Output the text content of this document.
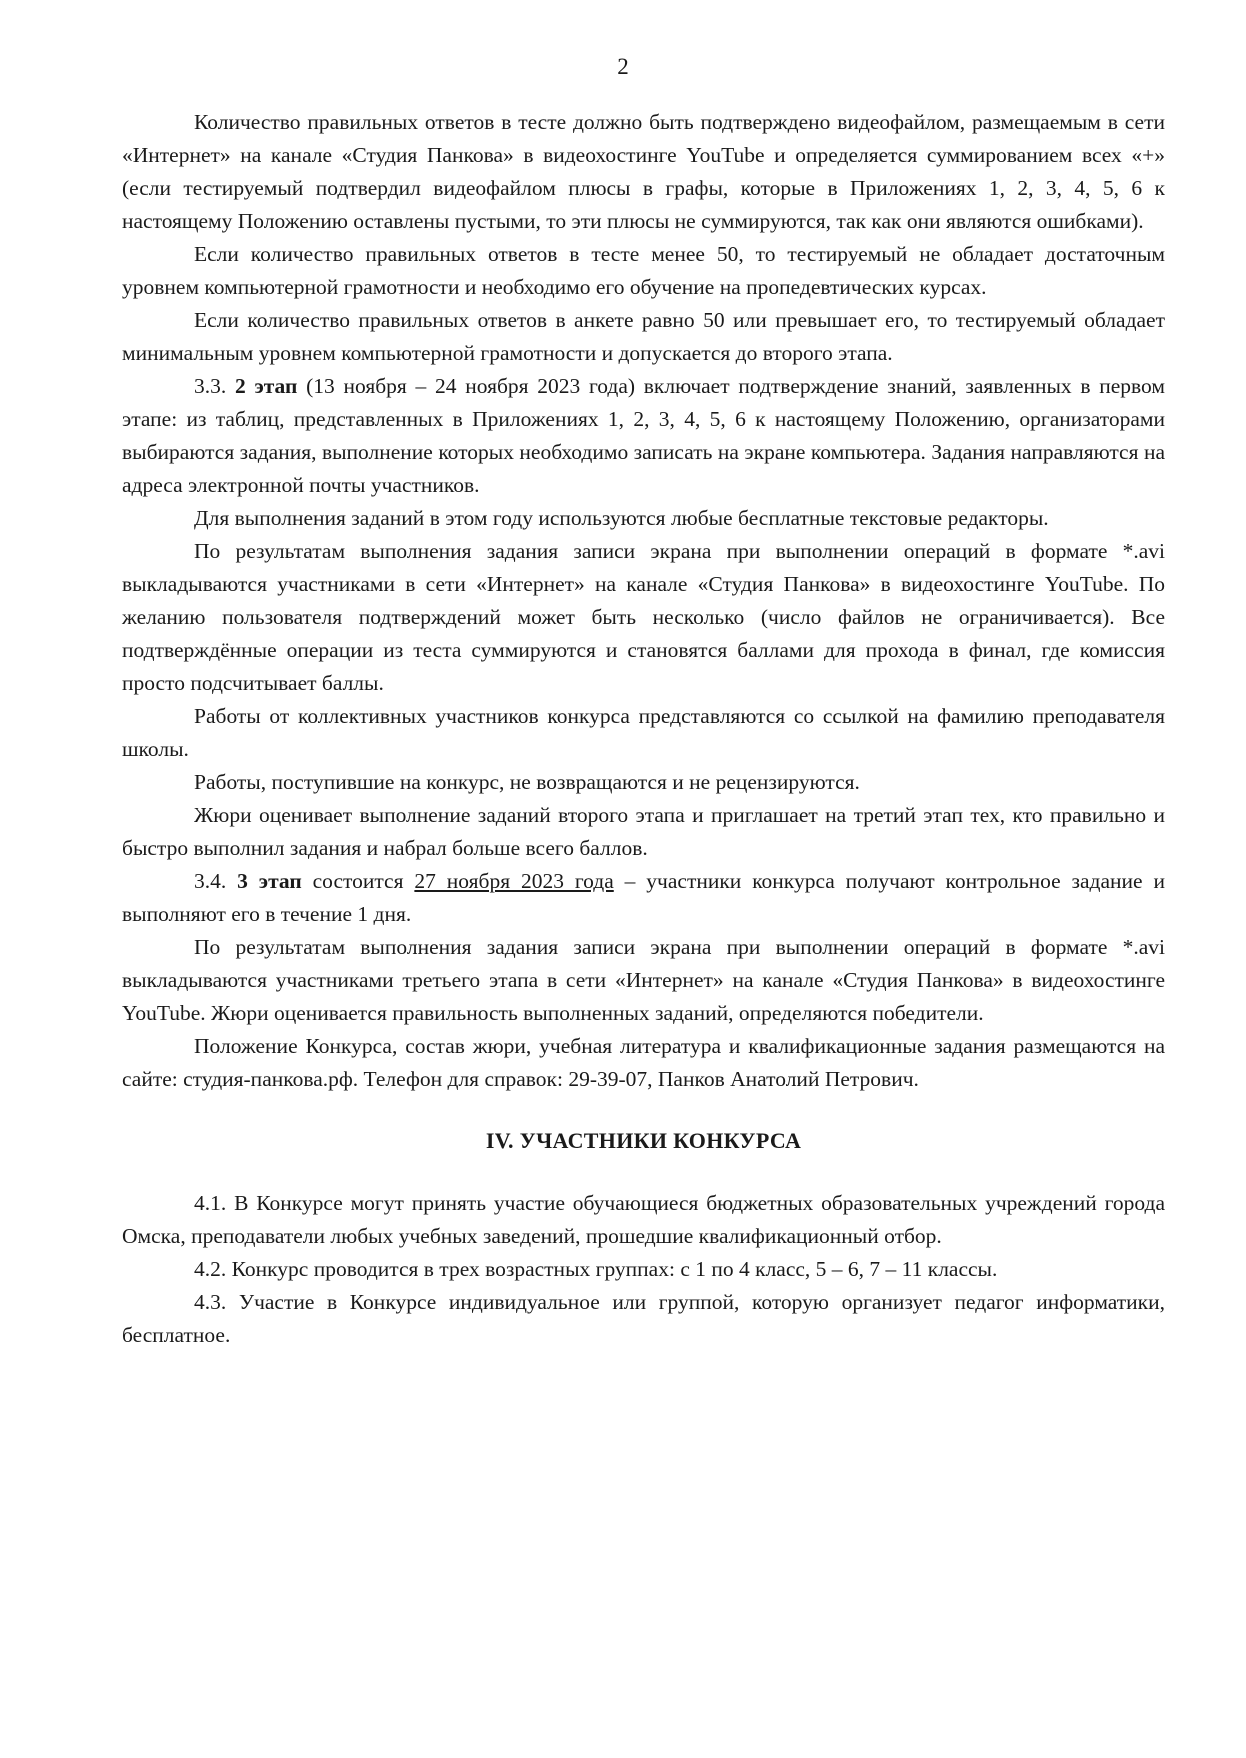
2

Количество правильных ответов в тесте должно быть подтверждено видеофайлом, размещаемым в сети «Интернет» на канале «Студия Панкова» в видеохостинге YouTube и определяется суммированием всех «+» (если тестируемый подтвердил видеофайлом плюсы в графы, которые в Приложениях 1, 2, 3, 4, 5, 6 к настоящему Положению оставлены пустыми, то эти плюсы не суммируются, так как они являются ошибками).

Если количество правильных ответов в тесте менее 50, то тестируемый не обладает достаточным уровнем компьютерной грамотности и необходимо его обучение на пропедевтических курсах.

Если количество правильных ответов в анкете равно 50 или превышает его, то тестируемый обладает минимальным уровнем компьютерной грамотности и допускается до второго этапа.

3.3. 2 этап (13 ноября – 24 ноября 2023 года) включает подтверждение знаний, заявленных в первом этапе: из таблиц, представленных в Приложениях 1, 2, 3, 4, 5, 6 к настоящему Положению, организаторами выбираются задания, выполнение которых необходимо записать на экране компьютера. Задания направляются на адреса электронной почты участников.

Для выполнения заданий в этом году используются любые бесплатные текстовые редакторы.

По результатам выполнения задания записи экрана при выполнении операций в формате *.avi выкладываются участниками в сети «Интернет» на канале «Студия Панкова» в видеохостинге YouTube. По желанию пользователя подтверждений может быть несколько (число файлов не ограничивается). Все подтверждённые операции из теста суммируются и становятся баллами для прохода в финал, где комиссия просто подсчитывает баллы.

Работы от коллективных участников конкурса представляются со ссылкой на фамилию преподавателя школы.

Работы, поступившие на конкурс, не возвращаются и не рецензируются.

Жюри оценивает выполнение заданий второго этапа и приглашает на третий этап тех, кто правильно и быстро выполнил задания и набрал больше всего баллов.

3.4. 3 этап состоится 27 ноября 2023 года – участники конкурса получают контрольное задание и выполняют его в течение 1 дня.

По результатам выполнения задания записи экрана при выполнении операций в формате *.avi выкладываются участниками третьего этапа в сети «Интернет» на канале «Студия Панкова» в видеохостинге YouTube. Жюри оценивается правильность выполненных заданий, определяются победители.

Положение Конкурса, состав жюри, учебная литература и квалификационные задания размещаются на сайте: студия-панкова.рф. Телефон для справок: 29-39-07, Панков Анатолий Петрович.

IV. УЧАСТНИКИ КОНКУРСА

4.1. В Конкурсе могут принять участие обучающиеся бюджетных образовательных учреждений города Омска, преподаватели любых учебных заведений, прошедшие квалификационный отбор.

4.2. Конкурс проводится в трех возрастных группах: с 1 по 4 класс, 5 – 6, 7 – 11 классы.

4.3. Участие в Конкурсе индивидуальное или группой, которую организует педагог информатики, бесплатное.
